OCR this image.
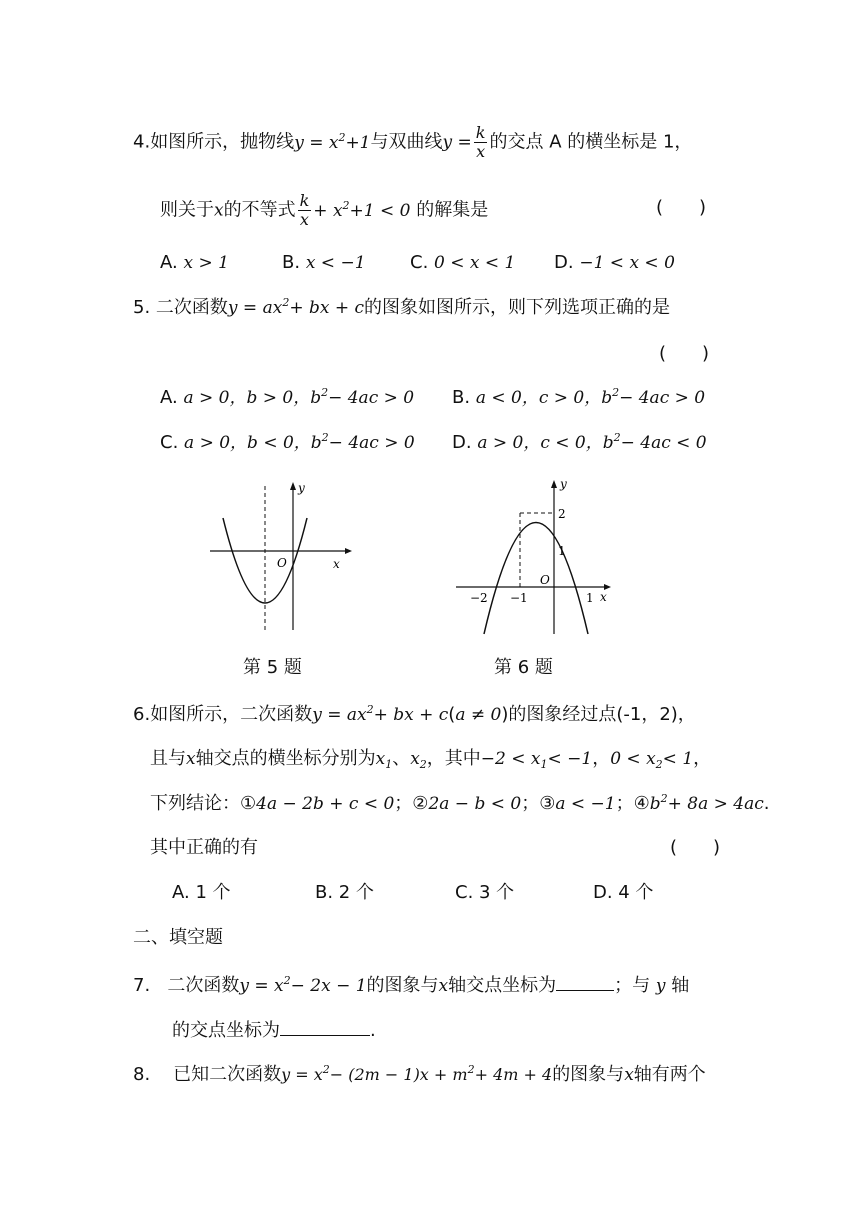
4.如图所示，抛物线$y = x^2+1$与双曲线$y = \frac{k}{x}$ 的交点 A 的横坐标是 1，
则关于x的不等式 $\frac{k}{x} + x^2+1 < 0$ 的解集是	(　　)
A. x > 1	B. x < −1 C. 0 < x < 1 D. −1 < x < 0
5. 二次函数$y = ax^2+$ bx + c的图象如图所示，则下列选项正确的是
(　　)
A. a > 0，b > 0，$b^2- 4ac > 0$ B. a < 0，c > 0，$b^2- 4ac > 0$
C. a > 0，b < 0，$b^2- 4ac > 0$ D. a > 0，c < 0，$b^2- 4ac < 0$
O	x
y
第 5 题
−2 −1	1 x
O
1
2
y
第 6 题
6.如图所示，二次函数$y = ax^2+$ bx + c(a ≠ 0)的图象经过点(-1，2)，
且与x轴交点的横坐标分别为$x_1$、$x_2$，其中$-2 < x_1< -1$，$0 < x_2< 1$，
下列结论：①4a − 2b + c < 0；②2a − b < 0；③a < −1；$④b^2+ 8a > 4ac$.
其中正确的有	(　　)
A. 1 个	B. 2 个	C. 3 个	D. 4 个
二、填空题
7. 二次函数$y = x^2- 2x - 1$的图象与x轴交点坐标为	；与 y 轴
的交点坐标为	.
8. 已知二次函数$y = x^2- (2m - 1)x + m^2+ 4m + 4$的图象与x轴有两个
